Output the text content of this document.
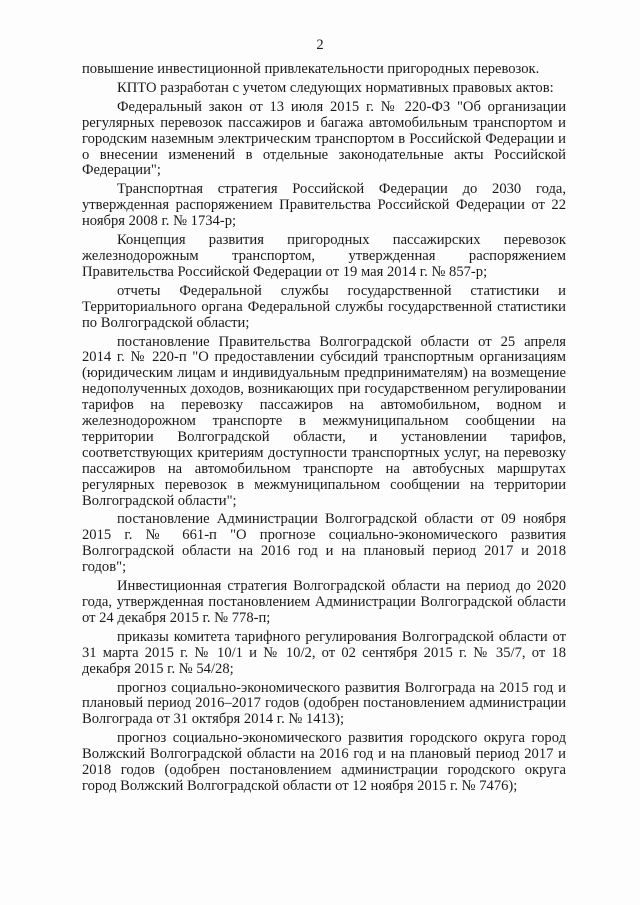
2

повышение инвестиционной привлекательности пригородных перевозок.

КПТО разработан с учетом следующих нормативных правовых актов:

Федеральный закон от 13 июля 2015 г. № 220-ФЗ "Об организации регулярных перевозок пассажиров и багажа автомобильным транспортом и городским наземным электрическим транспортом в Российской Федерации и о внесении изменений в отдельные законодательные акты Российской Федерации";

Транспортная стратегия Российской Федерации до 2030 года, утвержденная распоряжением Правительства Российской Федерации от 22 ноября 2008 г. № 1734-р;

Концепция развития пригородных пассажирских перевозок железнодорожным транспортом, утвержденная распоряжением Правительства Российской Федерации от 19 мая 2014 г. № 857-р;

отчеты Федеральной службы государственной статистики и Территориального органа Федеральной службы государственной статистики по Волгоградской области;

постановление Правительства Волгоградской области от 25 апреля 2014 г. № 220-п "О предоставлении субсидий транспортным организациям (юридическим лицам и индивидуальным предпринимателям) на возмещение недополученных доходов, возникающих при государственном регулировании тарифов на перевозку пассажиров на автомобильном, водном и железнодорожном транспорте в межмуниципальном сообщении на территории Волгоградской области, и установлении тарифов, соответствующих критериям доступности транспортных услуг, на перевозку пассажиров на автомобильном транспорте на автобусных маршрутах регулярных перевозок в межмуниципальном сообщении на территории Волгоградской области";

постановление Администрации Волгоградской области от 09 ноября 2015 г. № 661-п "О прогнозе социально-экономического развития Волгоградской области на 2016 год и на плановый период 2017 и 2018 годов";

Инвестиционная стратегия Волгоградской области на период до 2020 года, утвержденная постановлением Администрации Волгоградской области от 24 декабря 2015 г. № 778-п;

приказы комитета тарифного регулирования Волгоградской области от 31 марта 2015 г. № 10/1 и № 10/2, от 02 сентября 2015 г. № 35/7, от 18 декабря 2015 г. № 54/28;

прогноз социально-экономического развития Волгограда на 2015 год и плановый период 2016–2017 годов (одобрен постановлением администрации Волгограда от 31 октября 2014 г. № 1413);

прогноз социально-экономического развития городского округа город Волжский Волгоградской области на 2016 год и на плановый период 2017 и 2018 годов (одобрен постановлением администрации городского округа город Волжский Волгоградской области от 12 ноября 2015 г. № 7476);
